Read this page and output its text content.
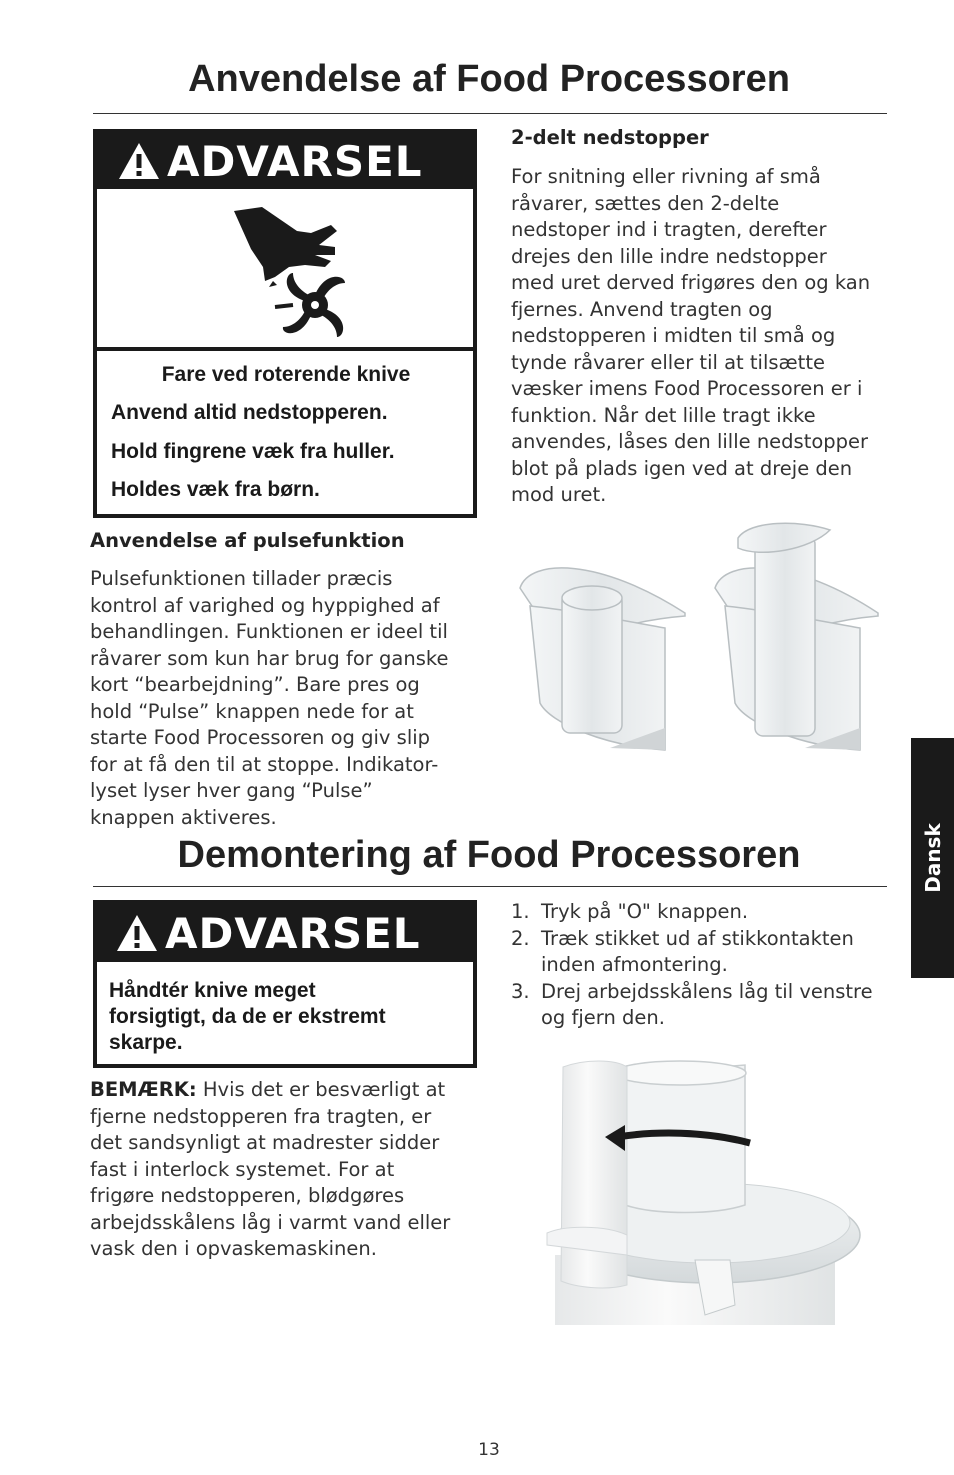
Anvendelse af Food Processoren
ADVARSEL
Fare ved roterende knive
Anvend altid nedstopperen.
Hold fingrene væk fra huller.
Holdes væk fra børn.
Anvendelse af pulsefunktion
Pulsefunktionen tillader præcis
kontrol af varighed og hyppighed af
behandlingen. Funktionen er ideel til
råvarer som kun har brug for ganske
kort “bearbejdning”. Bare pres og
hold “Pulse” knappen nede for at
starte Food Processoren og giv slip
for at få den til at stoppe. Indikator-
lyset lyser hver gang “Pulse”
knappen aktiveres.
2-delt nedstopper
For snitning eller rivning af små
råvarer, sættes den 2-delte
nedstoper ind i tragten, derefter
drejes den lille indre nedstopper
med uret derved frigøres den og kan
fjernes. Anvend tragten og
nedstopperen i midten til små og
tynde råvarer eller til at tilsætte
væsker imens Food Processoren er i
funktion. Når det lille tragt ikke
anvendes, låses den lille nedstopper
blot på plads igen ved at dreje den
mod uret.
Demontering af Food Processoren
ADVARSEL
Håndtér knive meget
forsigtigt, da de er ekstremt
skarpe.
BEMÆRK: Hvis det er besværligt at
fjerne nedstopperen fra tragten, er
det sandsynligt at madrester sidder
fast i interlock systemet. For at
frigøre nedstopperen, blødgøres
arbejdsskålens låg i varmt vand eller
vask den i opvaskemaskinen.
1. Tryk på "O" knappen.
2. Træk stikket ud af stikkontakten
inden afmontering.
3. Drej arbejdsskålens låg til venstre
og fjern den.
Dansk
13
